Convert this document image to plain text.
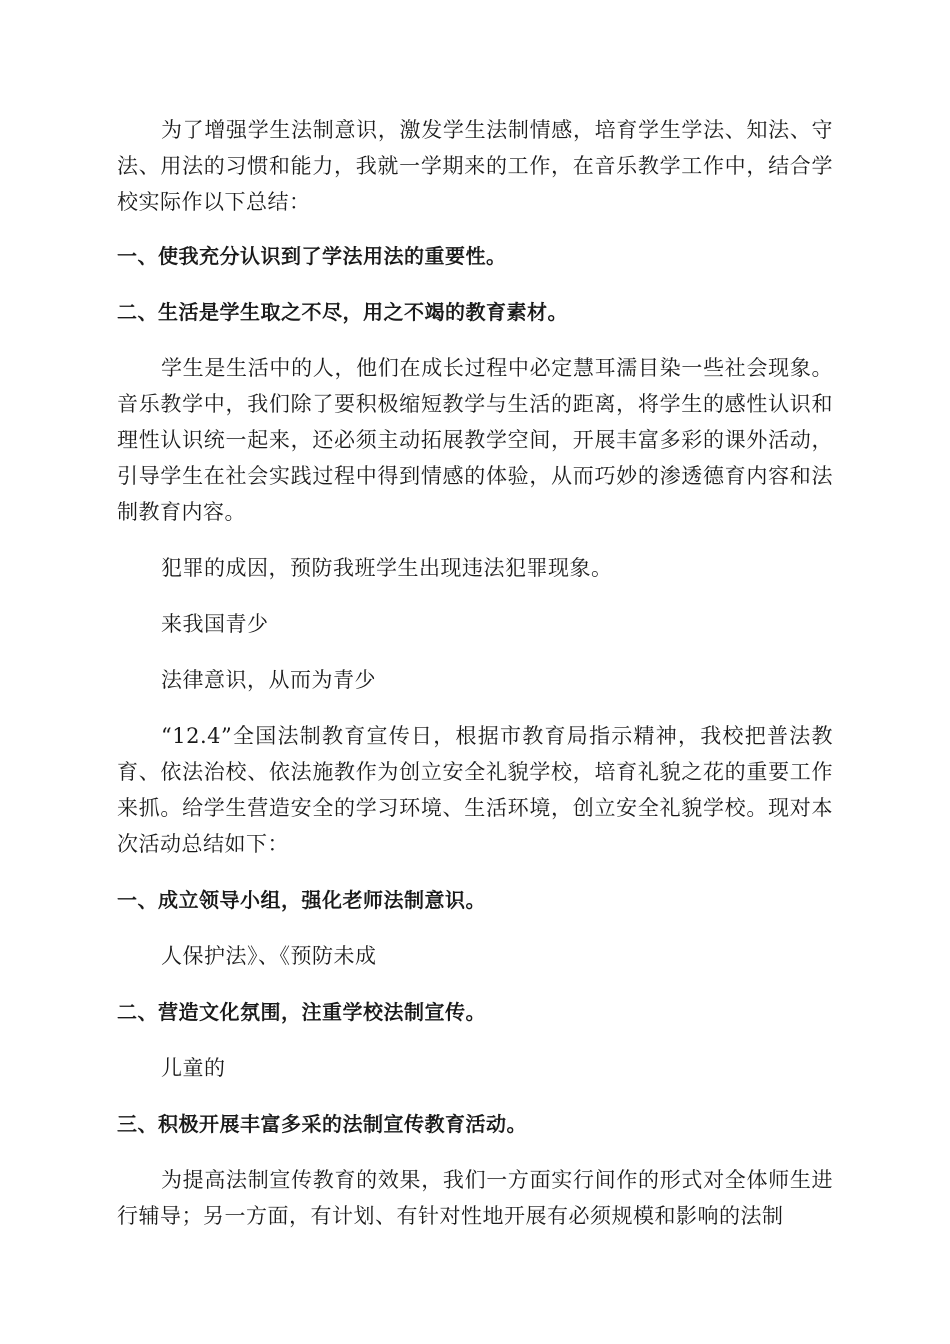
为了增强学生法制意识，激发学生法制情感，培育学生学法、知法、守法、用法的习惯和能力，我就一学期来的工作，在音乐教学工作中，结合学校实际作以下总结：

一、使我充分认识到了学法用法的重要性。

二、生活是学生取之不尽，用之不竭的教育素材。

学生是生活中的人，他们在成长过程中必定慧耳濡目染一些社会现象。音乐教学中，我们除了要积极缩短教学与生活的距离，将学生的感性认识和理性认识统一起来，还必须主动拓展教学空间，开展丰富多彩的课外活动，引导学生在社会实践过程中得到情感的体验，从而巧妙的渗透德育内容和法制教育内容。

犯罪的成因，预防我班学生出现违法犯罪现象。

来我国青少

法律意识，从而为青少

“12.4”全国法制教育宣传日，根据市教育局指示精神，我校把普法教育、依法治校、依法施教作为创立安全礼貌学校，培育礼貌之花的重要工作来抓。给学生营造安全的学习环境、生活环境，创立安全礼貌学校。现对本次活动总结如下：

一、成立领导小组，强化老师法制意识。

人保护法》、《预防未成

二、营造文化氛围，注重学校法制宣传。

儿童的

三、积极开展丰富多采的法制宣传教育活动。

为提高法制宣传教育的效果，我们一方面实行间作的形式对全体师生进行辅导；另一方面，有计划、有针对性地开展有必须规模和影响的法制
